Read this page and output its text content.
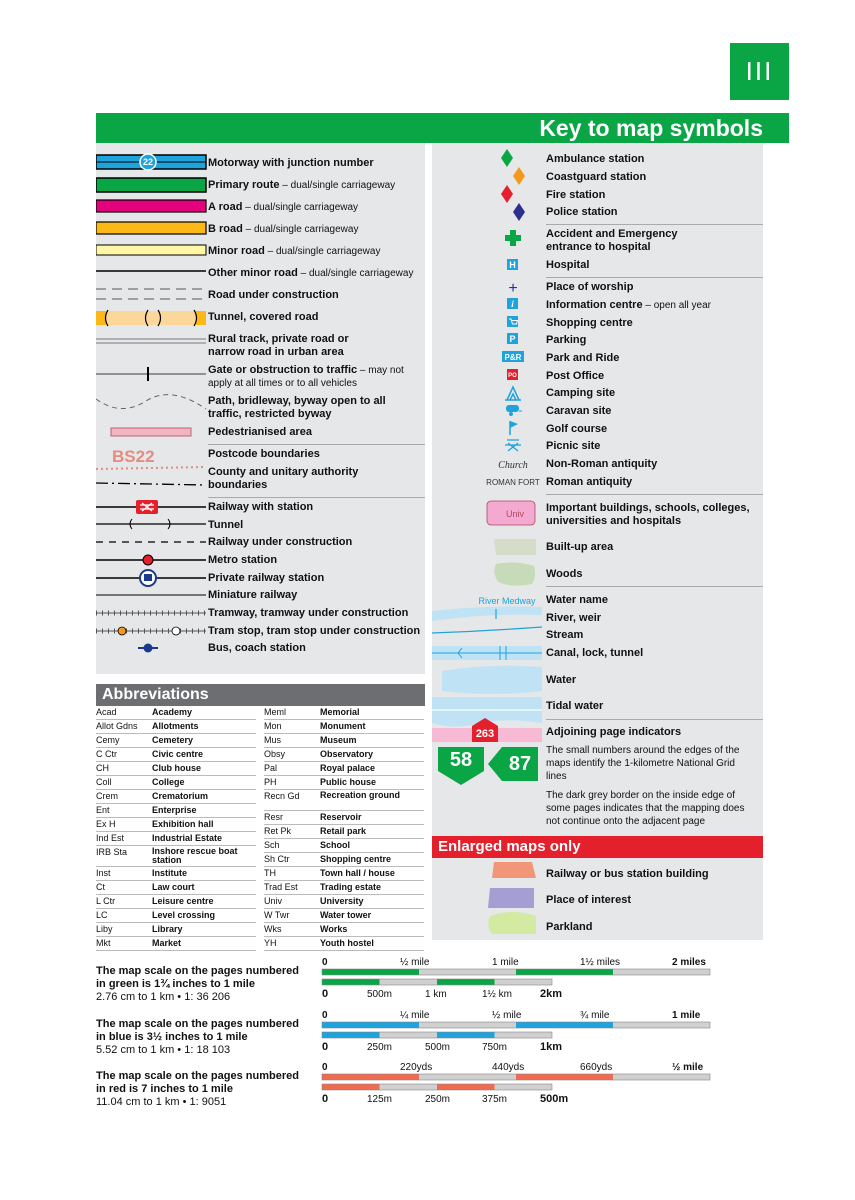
III
Key to map symbols
BS22
22	Motorway with junction number
Primary route – dual/single carriageway
A road – dual/single carriageway
B road – dual/single carriageway
Minor road – dual/single carriageway
Other minor road – dual/single carriageway
Road under construction
Tunnel, covered road
Rural track, private road or
narrow road in urban area
Gate or obstruction to traffic – may not
apply at all times or to all vehicles
Path, bridleway, byway open to all
traffic, restricted byway
Pedestrianised area
Postcode boundaries
County and unitary authority
boundaries
Railway with station
Tunnel
Railway under construction
Metro station
Private railway station
Miniature railway
Tramway, tramway under construction
Tram stop, tram stop under construction
Bus, coach station
Abbreviations
Acad	Academy
Allot Gdns Allotments
Cemy	Cemetery
C Ctr	Civic centre
CH	Club house
Coll	College
Crem	Crematorium
Ent	Enterprise
Ex H	Exhibition hall
Ind Est	Industrial Estate
IRB Sta	Inshore rescue boat station
Inst	Institute
Ct	Law court
L Ctr	Leisure centre
LC	Level crossing
Liby	Library
Mkt	Market
Meml	Memorial
Mon	Monument
Mus	Museum
Obsy	Observatory
Pal	Royal palace
PH	Public house
Recn Gd Recreation ground
Resr	Reservoir
Ret Pk	Retail park
Sch	School
Sh Ctr	Shopping centre
TH	Town hall / house
Trad Est Trading estate
Univ	University
W Twr	Water tower
Wks	Works
YH	Youth hostel
H
+
i
P
P&R
PO
Church
ROMAN FORT
Univ
River Medway
263
58	87
Ambulance station
Coastguard station
Fire station
Police station
Accident and Emergency
entrance to hospital
Hospital
Place of worship
Information centre – open all year
Shopping centre
Parking
Park and Ride
Post Office
Camping site
Caravan site
Golf course
Picnic site
Non-Roman antiquity
Roman antiquity
Important buildings, schools, colleges,
universities and hospitals
Built-up area
Woods
Water name
River, weir
Stream
Canal, lock, tunnel
Water
Tidal water
Adjoining page indicators
The small numbers around the edges of the maps identify the 1-kilometre National Grid lines
The dark grey border on the inside edge of some pages indicates that the mapping does not continue onto the adjacent page
Enlarged maps only
Railway or bus station building
Place of interest
Parkland
The map scale on the pages numbered
in green is 1¾ inches to 1 mile
2.76 cm to 1 km • 1: 36 206
0	½ mile	1 mile	1½ miles	2 miles
0	500m	1 km	1½ km	2km
The map scale on the pages numbered
in blue is 3½ inches to 1 mile
5.52 cm to 1 km • 1: 18 103
0	¼ mile	½ mile	¾ mile	1 mile
0	250m	500m	750m	1km
The map scale on the pages numbered
in red is 7 inches to 1 mile
11.04 cm to 1 km • 1: 9051
0	220yds	440yds	660yds	½ mile
0	125m	250m	375m	500m
